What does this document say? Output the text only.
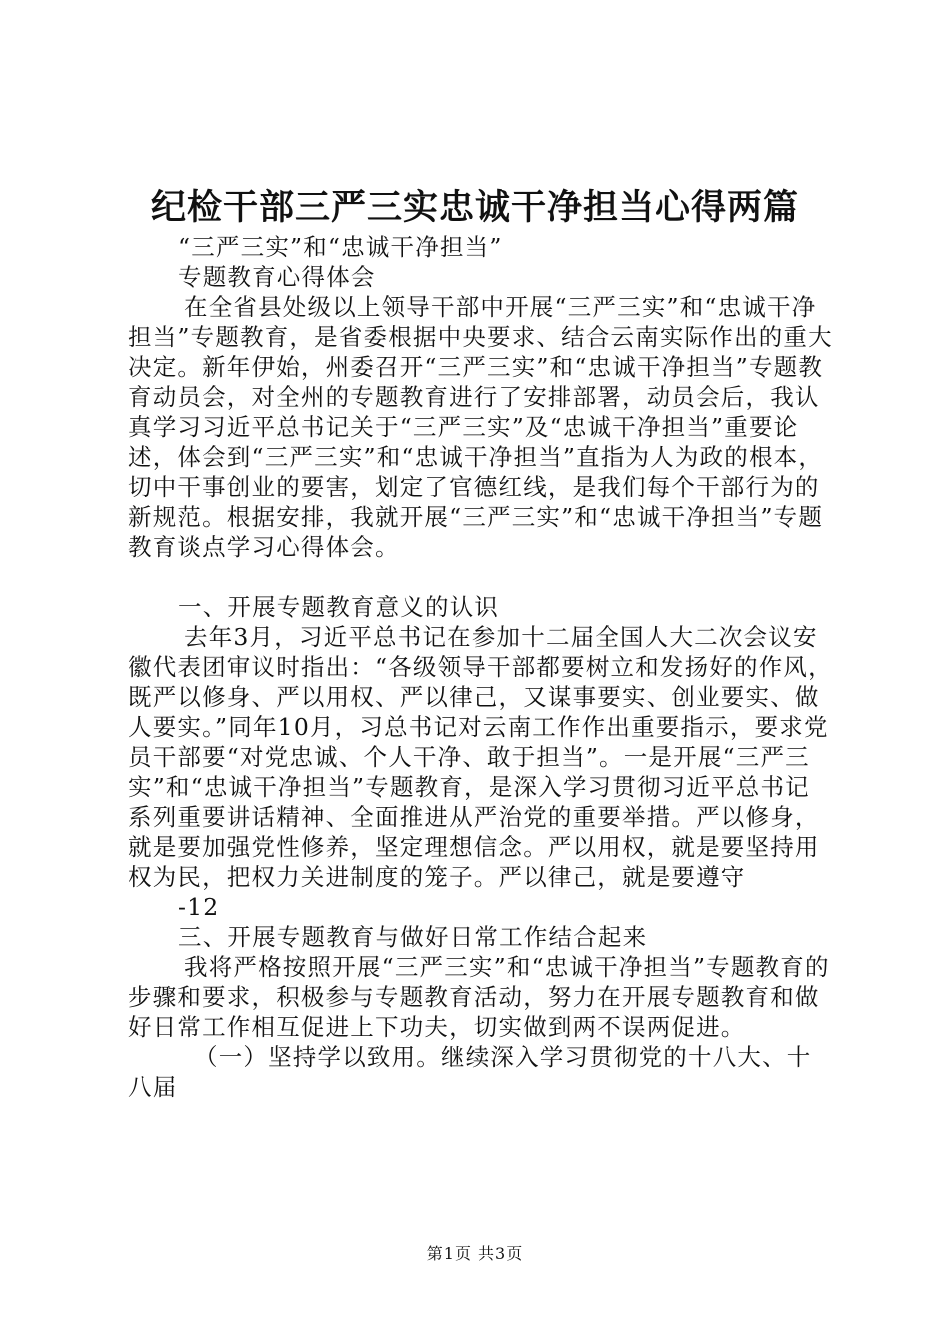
纪检干部三严三实忠诚干净担当心得两篇

“三严三实”和“忠诚干净担当”

专题教育心得体会

在全省县处级以上领导干部中开展“三严三实”和“忠诚干净担当”专题教育，是省委根据中央要求、结合云南实际作出的重大决定。新年伊始，州委召开“三严三实”和“忠诚干净担当”专题教育动员会，对全州的专题教育进行了安排部署，动员会后，我认真学习习近平总书记关于“三严三实”及“忠诚干净担当”重要论述，体会到“三严三实”和“忠诚干净担当”直指为人为政的根本，切中干事创业的要害，划定了官德红线，是我们每个干部行为的新规范。根据安排，我就开展“三严三实”和“忠诚干净担当”专题教育谈点学习心得体会。

一、开展专题教育意义的认识

去年3月，习近平总书记在参加十二届全国人大二次会议安徽代表团审议时指出：“各级领导干部都要树立和发扬好的作风，既严以修身、严以用权、严以律己，又谋事要实、创业要实、做人要实。”同年10月，习总书记对云南工作作出重要指示，要求党员干部要“对党忠诚、个人干净、敢于担当”。一是开展“三严三实”和“忠诚干净担当”专题教育，是深入学习贯彻习近平总书记系列重要讲话精神、全面推进从严治党的重要举措。严以修身，就是要加强党性修养，坚定理想信念。严以用权，就是要坚持用权为民，把权力关进制度的笼子。严以律己，就是要遵守

-12

三、开展专题教育与做好日常工作结合起来

我将严格按照开展“三严三实”和“忠诚干净担当”专题教育的步骤和要求，积极参与专题教育活动，努力在开展专题教育和做好日常工作相互促进上下功夫，切实做到两不误两促进。

（一）坚持学以致用。继续深入学习贯彻党的十八大、十八届

第1页 共3页
